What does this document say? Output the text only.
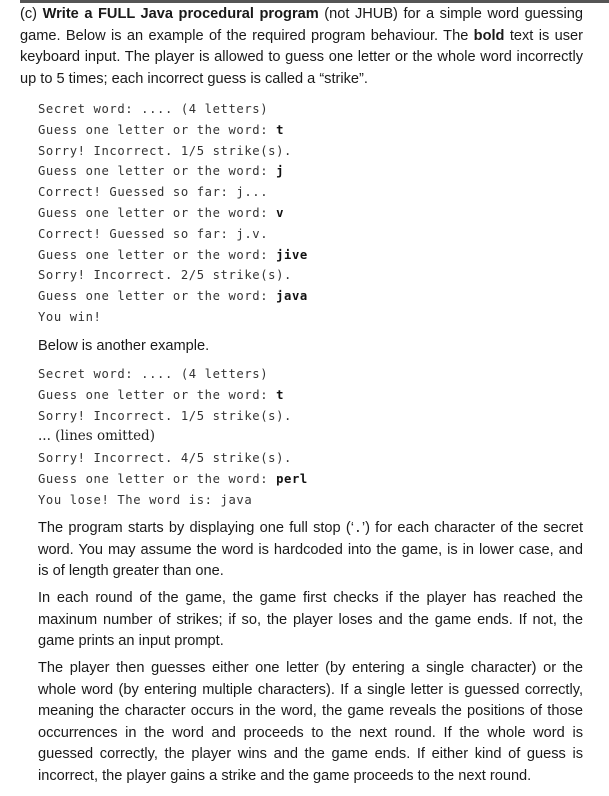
(c) Write a FULL Java procedural program (not JHUB) for a simple word guessing game. Below is an example of the required program behaviour. The bold text is user keyboard input. The player is allowed to guess one letter or the whole word incorrectly up to 5 times; each incorrect guess is called a “strike”.

Secret word: .... (4 letters)
Guess one letter or the word: t
Sorry! Incorrect. 1/5 strike(s).
Guess one letter or the word: j
Correct! Guessed so far: j...
Guess one letter or the word: v
Correct! Guessed so far: j.v.
Guess one letter or the word: jive
Sorry! Incorrect. 2/5 strike(s).
Guess one letter or the word: java
You win!

Below is another example.

Secret word: .... (4 letters)
Guess one letter or the word: t
Sorry! Incorrect. 1/5 strike(s).
... (lines omitted)
Sorry! Incorrect. 4/5 strike(s).
Guess one letter or the word: perl
You lose! The word is: java

The program starts by displaying one full stop (‘.’) for each character of the secret word. You may assume the word is hardcoded into the game, is in lower case, and is of length greater than one.

In each round of the game, the game first checks if the player has reached the maxinum number of strikes; if so, the player loses and the game ends. If not, the game prints an input prompt.

The player then guesses either one letter (by entering a single character) or the whole word (by entering multiple characters). If a single letter is guessed correctly, meaning the character occurs in the word, the game reveals the positions of those occurrences in the word and proceeds to the next round. If the whole word is guessed correctly, the player wins and the game ends. If either kind of guess is incorrect, the player gains a strike and the game proceeds to the next round.
